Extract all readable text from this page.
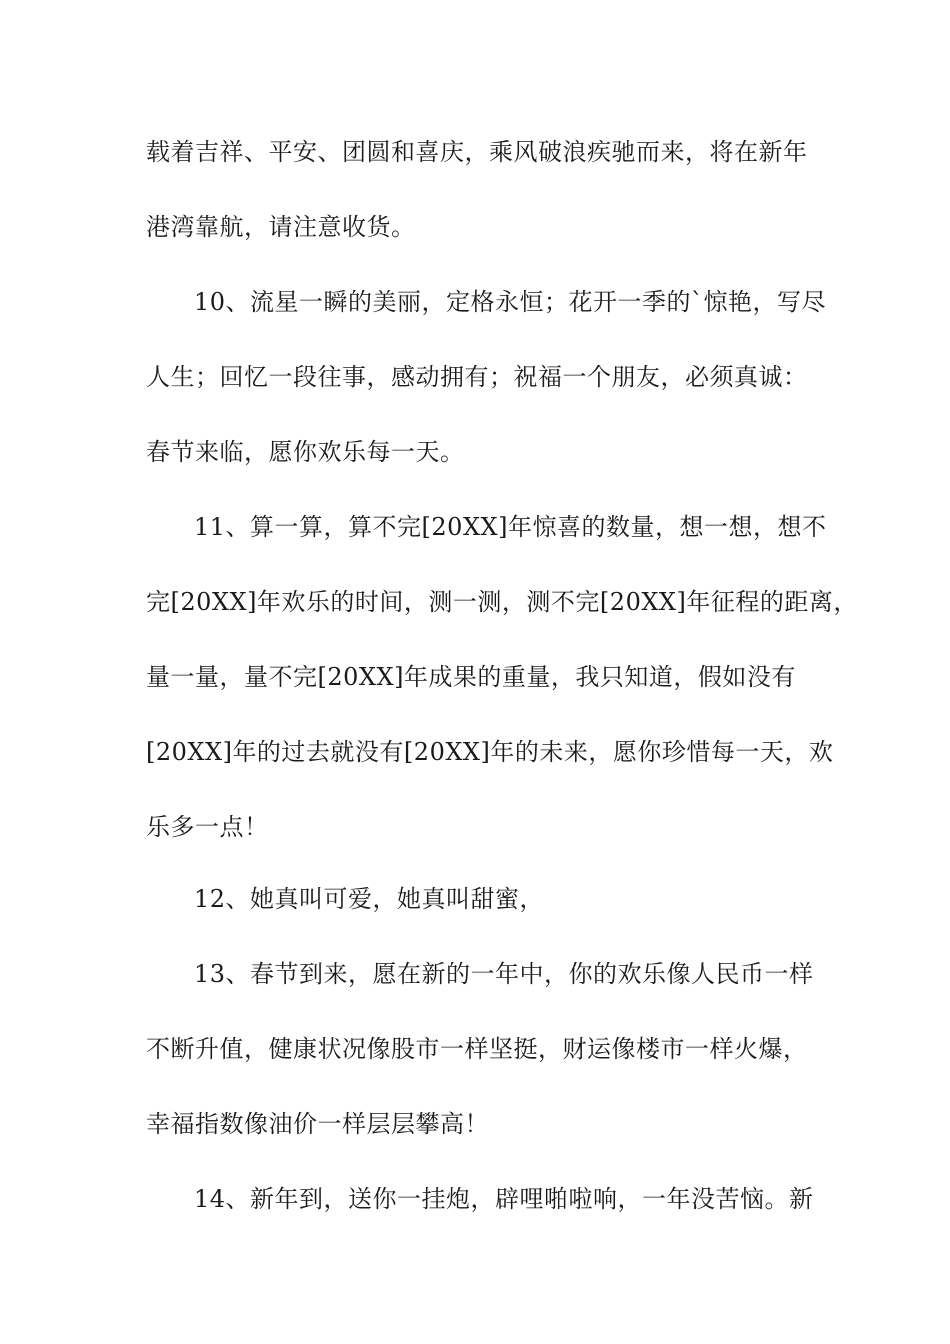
载着吉祥、平安、团圆和喜庆，乘风破浪疾驰而来，将在新年
港湾靠航，请注意收货。
10、流星一瞬的美丽，定格永恒；花开一季的`惊艳，写尽
人生；回忆一段往事，感动拥有；祝福一个朋友，必须真诚：
春节来临，愿你欢乐每一天。
11、算一算，算不完[20XX]年惊喜的数量，想一想，想不
完[20XX]年欢乐的时间，测一测，测不完[20XX]年征程的距离，
量一量，量不完[20XX]年成果的重量，我只知道，假如没有
[20XX]年的过去就没有[20XX]年的未来，愿你珍惜每一天，欢
乐多一点！
12、她真叫可爱，她真叫甜蜜，
13、春节到来，愿在新的一年中，你的欢乐像人民币一样
不断升值，健康状况像股市一样坚挺，财运像楼市一样火爆，
幸福指数像油价一样层层攀高！
14、新年到，送你一挂炮，辟哩啪啦响，一年没苦恼。新
